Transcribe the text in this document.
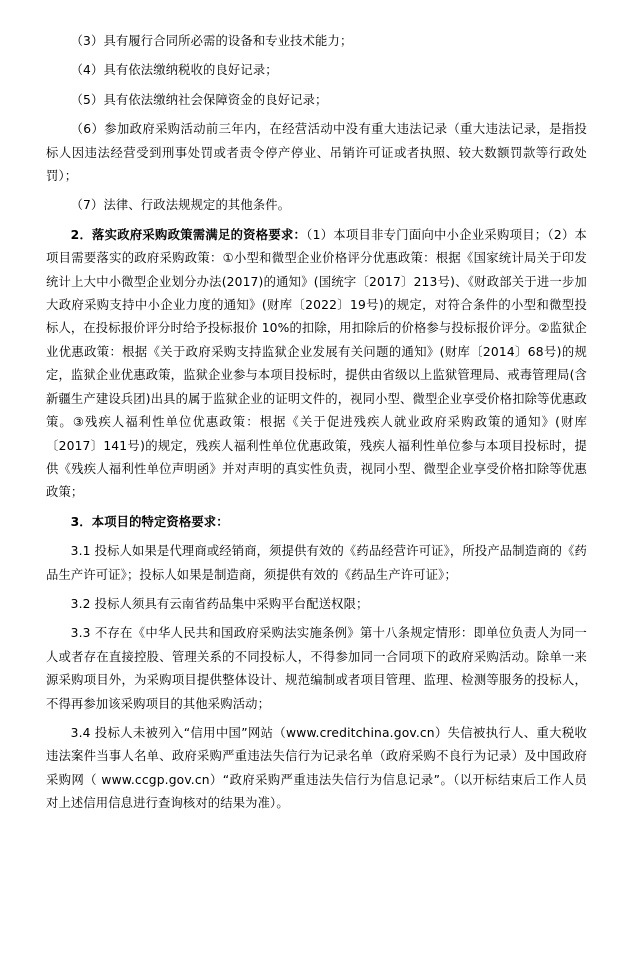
（3）具有履行合同所必需的设备和专业技术能力；

（4）具有依法缴纳税收的良好记录；

（5）具有依法缴纳社会保障资金的良好记录；

（6）参加政府采购活动前三年内，在经营活动中没有重大违法记录（重大违法记录，是指投标人因违法经营受到刑事处罚或者责令停产停业、吊销许可证或者执照、较大数额罚款等行政处罚）；

（7）法律、行政法规规定的其他条件。

2．落实政府采购政策需满足的资格要求：（1）本项目非专门面向中小企业采购项目；（2）本项目需要落实的政府采购政策：①小型和微型企业价格评分优惠政策：根据《国家统计局关于印发统计上大中小微型企业划分办法(2017)的通知》(国统字〔2017〕213号)、《财政部关于进一步加大政府采购支持中小企业力度的通知》(财库〔2022〕19号)的规定，对符合条件的小型和微型投标人，在投标报价评分时给予投标报价 10%的扣除，用扣除后的价格参与投标报价评分。②监狱企业优惠政策：根据《关于政府采购支持监狱企业发展有关问题的通知》(财库〔2014〕68号)的规定，监狱企业优惠政策，监狱企业参与本项目投标时，提供由省级以上监狱管理局、戒毒管理局(含新疆生产建设兵团)出具的属于监狱企业的证明文件的，视同小型、微型企业享受价格扣除等优惠政策。③残疾人福利性单位优惠政策：根据《关于促进残疾人就业政府采购政策的通知》(财库〔2017〕141号)的规定，残疾人福利性单位优惠政策，残疾人福利性单位参与本项目投标时，提供《残疾人福利性单位声明函》并对声明的真实性负责，视同小型、微型企业享受价格扣除等优惠政策；

3．本项目的特定资格要求：

3.1 投标人如果是代理商或经销商，须提供有效的《药品经营许可证》，所投产品制造商的《药品生产许可证》；投标人如果是制造商，须提供有效的《药品生产许可证》；

3.2 投标人须具有云南省药品集中采购平台配送权限；

3.3 不存在《中华人民共和国政府采购法实施条例》第十八条规定情形：即单位负责人为同一人或者存在直接控股、管理关系的不同投标人，不得参加同一合同项下的政府采购活动。除单一来源采购项目外，为采购项目提供整体设计、规范编制或者项目管理、监理、检测等服务的投标人，不得再参加该采购项目的其他采购活动；

3.4 投标人未被列入“信用中国”网站（www.creditchina.gov.cn）失信被执行人、重大税收违法案件当事人名单、政府采购严重违法失信行为记录名单（政府采购不良行为记录）及中国政府采购网（ www.ccgp.gov.cn）“政府采购严重违法失信行为信息记录”。（以开标结束后工作人员对上述信用信息进行查询核对的结果为准）。
